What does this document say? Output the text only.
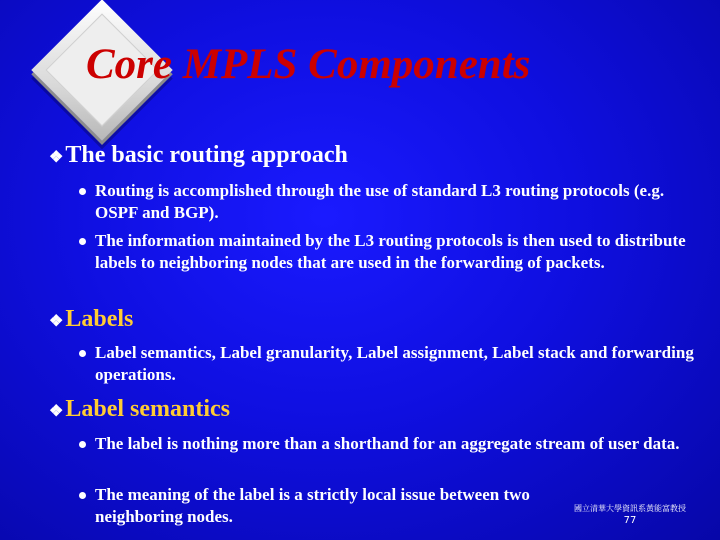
Core MPLS Components
❖ The basic routing approach
Routing is accomplished through the use of standard L3 routing protocols (e.g. OSPF and BGP).
The information maintained by the L3 routing protocols is then used to distribute labels to neighboring nodes that are used in the forwarding of packets.
❖ Labels
Label semantics, Label granularity, Label assignment, Label stack and forwarding operations.
❖ Label semantics
The label is nothing more than a shorthand for an aggregate stream of user data.
The meaning of the label is a strictly local issue between two neighboring nodes.	國立清華大學資訊系黃能富教授
77
